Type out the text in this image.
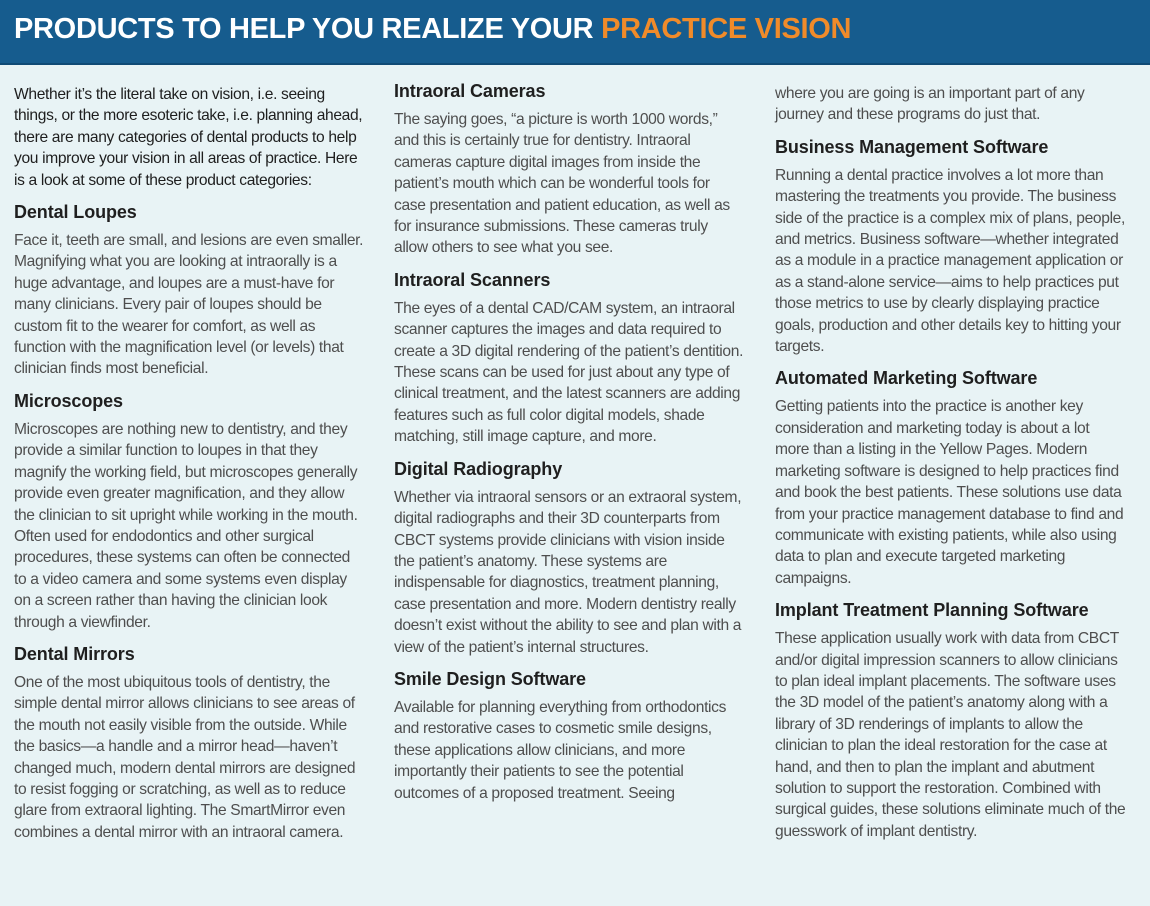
PRODUCTS TO HELP YOU REALIZE YOUR PRACTICE VISION

Whether it’s the literal take on vision, i.e. seeing things, or the more esoteric take, i.e. planning ahead, there are many categories of dental products to help you improve your vision in all areas of practice. Here is a look at some of these product categories:

Dental Loupes

Face it, teeth are small, and lesions are even smaller. Magnifying what you are looking at intraorally is a huge advantage, and loupes are a must-have for many clinicians. Every pair of loupes should be custom fit to the wearer for comfort, as well as function with the magnification level (or levels) that clinician finds most beneficial.

Microscopes

Microscopes are nothing new to dentistry, and they provide a similar function to loupes in that they magnify the working field, but microscopes generally provide even greater magnification, and they allow the clinician to sit upright while working in the mouth. Often used for endodontics and other surgical procedures, these systems can often be connected to a video camera and some systems even display on a screen rather than having the clinician look through a viewfinder.

Dental Mirrors

One of the most ubiquitous tools of dentistry, the simple dental mirror allows clinicians to see areas of the mouth not easily visible from the outside. While the basics—a handle and a mirror head—haven’t changed much, modern dental mirrors are designed to resist fogging or scratching, as well as to reduce glare from extraoral lighting. The SmartMirror even combines a dental mirror with an intraoral camera.

Intraoral Cameras

The saying goes, “a picture is worth 1000 words,” and this is certainly true for dentistry. Intraoral cameras capture digital images from inside the patient’s mouth which can be wonderful tools for case presentation and patient education, as well as for insurance submissions. These cameras truly allow others to see what you see.

Intraoral Scanners

The eyes of a dental CAD/CAM system, an intraoral scanner captures the images and data required to create a 3D digital rendering of the patient’s dentition. These scans can be used for just about any type of clinical treatment, and the latest scanners are adding features such as full color digital models, shade matching, still image capture, and more.

Digital Radiography

Whether via intraoral sensors or an extraoral system, digital radiographs and their 3D counterparts from CBCT systems provide clinicians with vision inside the patient’s anatomy. These systems are indispensable for diagnostics, treatment planning, case presentation and more. Modern dentistry really doesn’t exist without the ability to see and plan with a view of the patient’s internal structures.

Smile Design Software

Available for planning everything from orthodontics and restorative cases to cosmetic smile designs, these applications allow clinicians, and more importantly their patients to see the potential outcomes of a proposed treatment. Seeing

where you are going is an important part of any journey and these programs do just that.

Business Management Software

Running a dental practice involves a lot more than mastering the treatments you provide. The business side of the practice is a complex mix of plans, people, and metrics. Business software—whether integrated as a module in a practice management application or as a stand-alone service—aims to help practices put those metrics to use by clearly displaying practice goals, production and other details key to hitting your targets.

Automated Marketing Software

Getting patients into the practice is another key consideration and marketing today is about a lot more than a listing in the Yellow Pages. Modern marketing software is designed to help practices find and book the best patients. These solutions use data from your practice management database to find and communicate with existing patients, while also using data to plan and execute targeted marketing campaigns.

Implant Treatment Planning Software

These application usually work with data from CBCT and/or digital impression scanners to allow clinicians to plan ideal implant placements. The software uses the 3D model of the patient’s anatomy along with a library of 3D renderings of implants to allow the clinician to plan the ideal restoration for the case at hand, and then to plan the implant and abutment solution to support the restoration. Combined with surgical guides, these solutions eliminate much of the guesswork of implant dentistry.
